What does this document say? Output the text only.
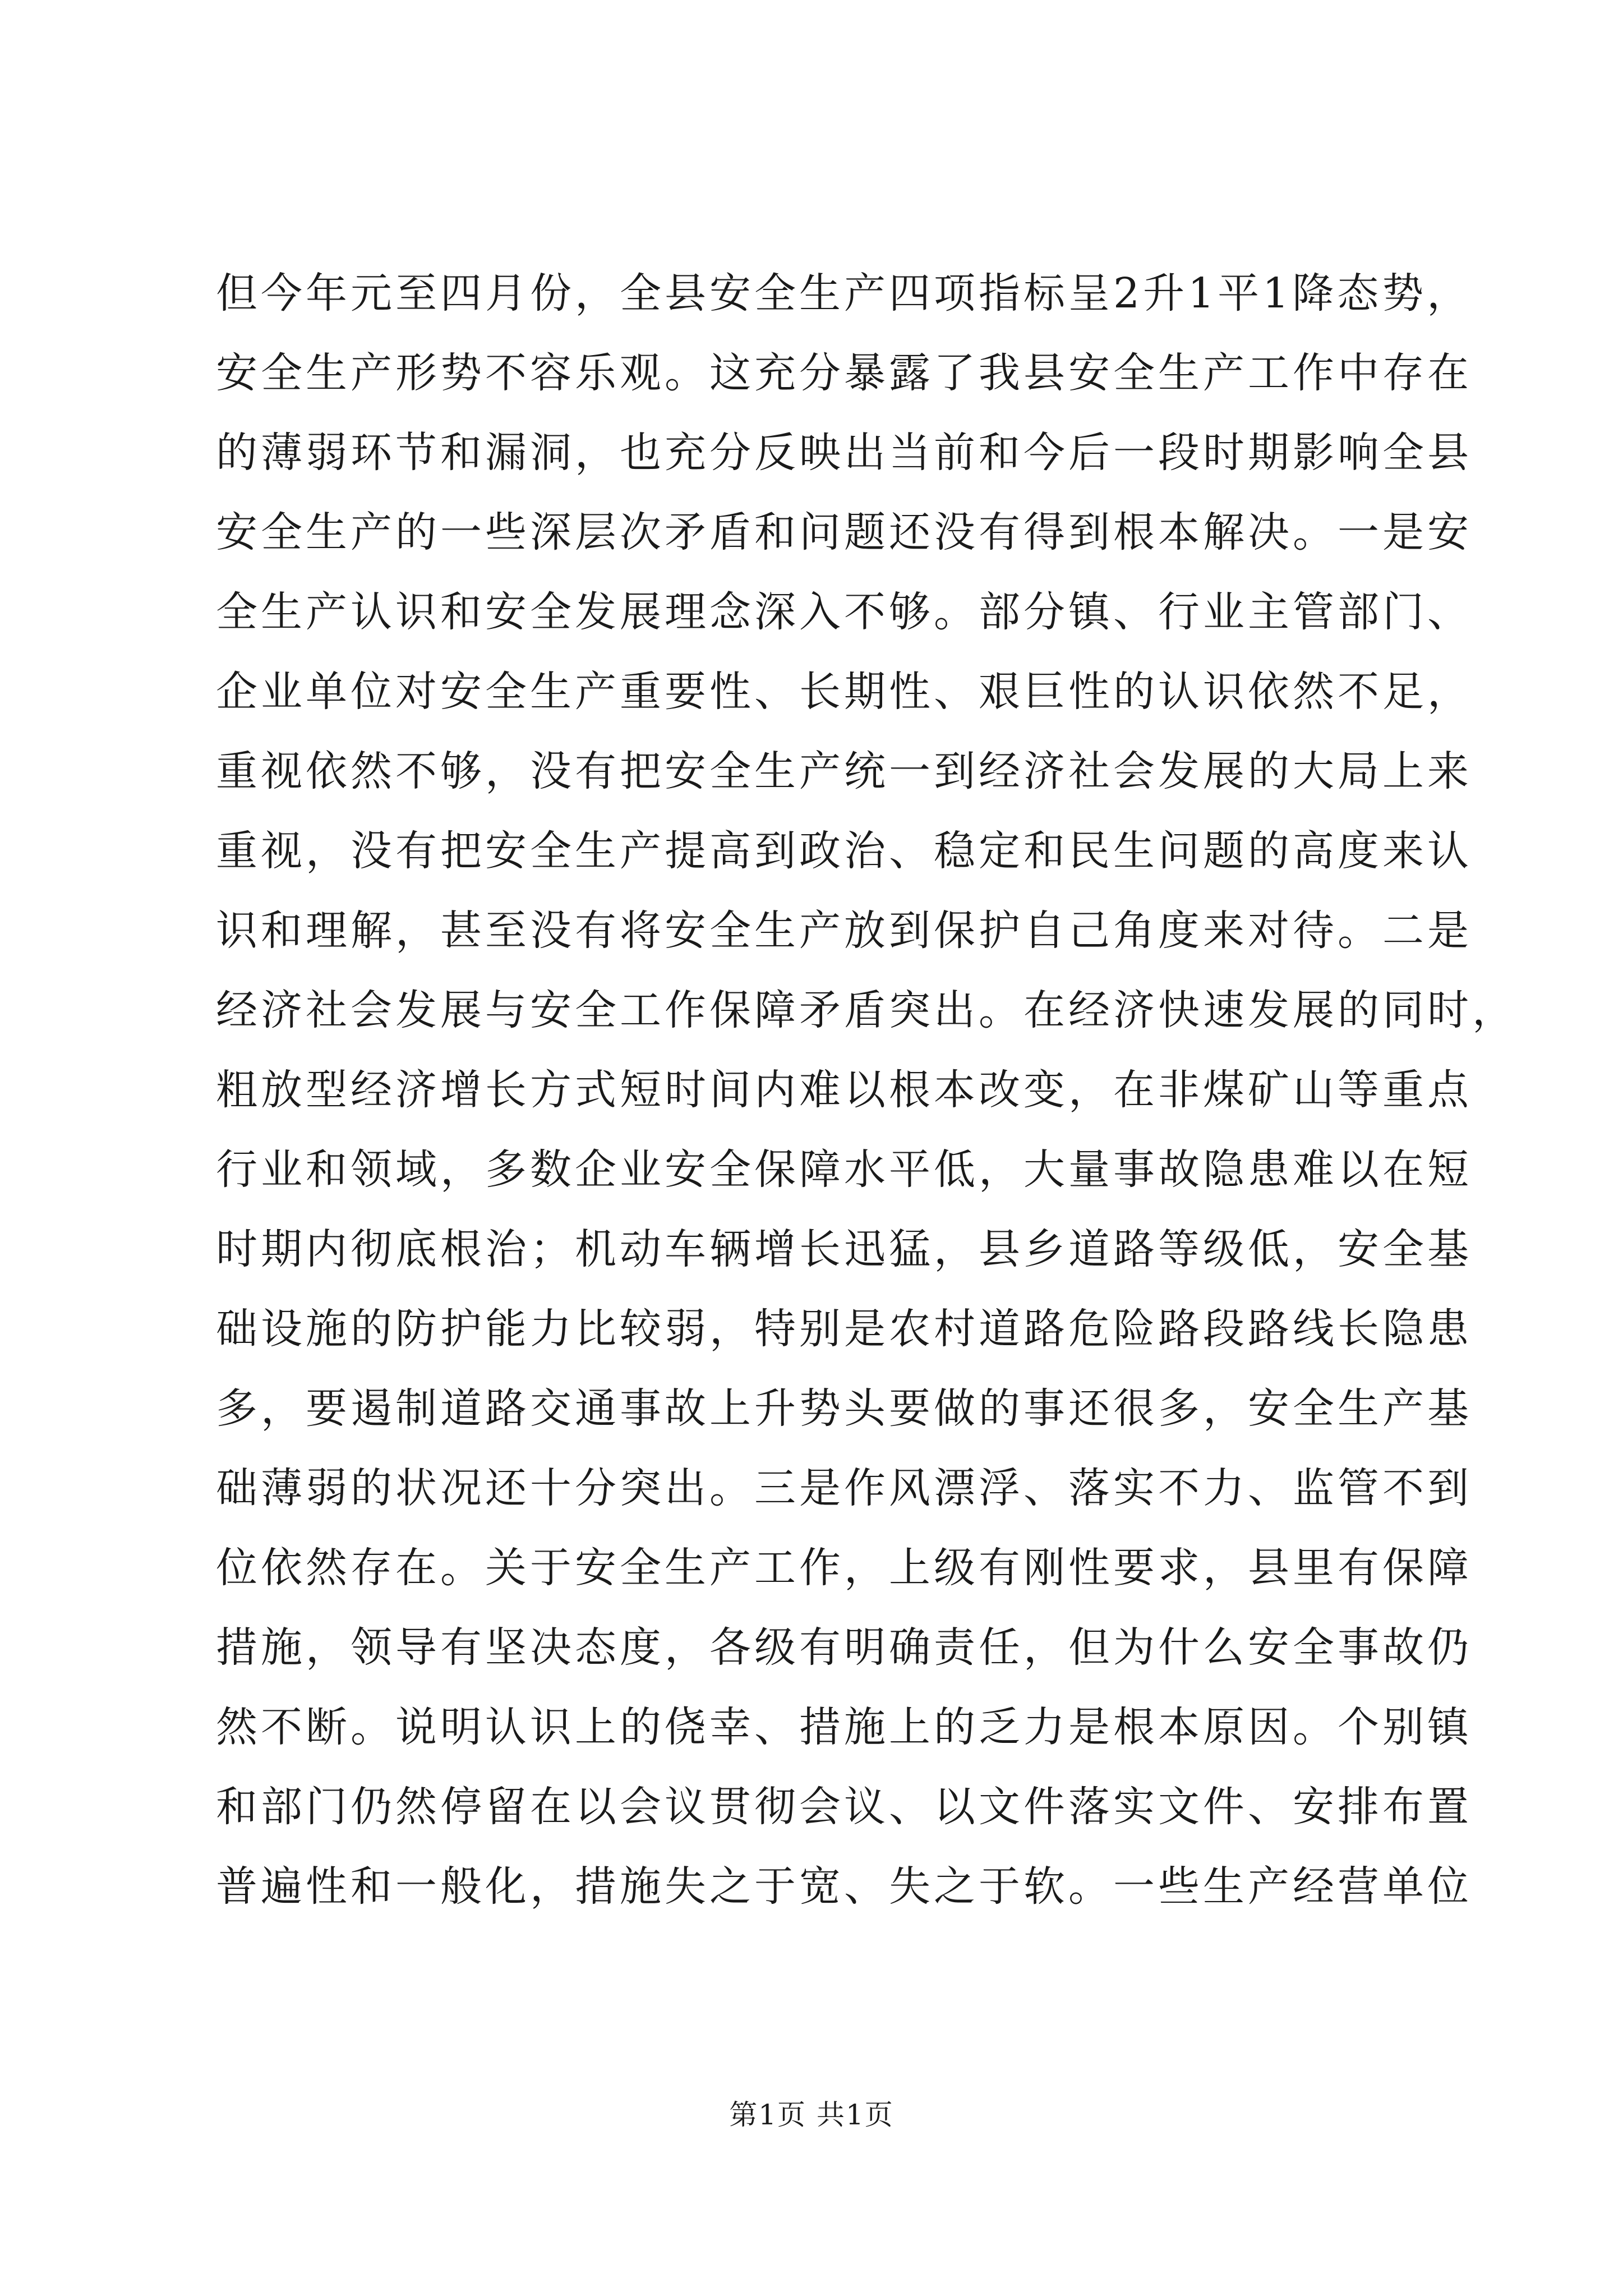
但今年元至四月份，全县安全生产四项指标呈2升1平1降态势，
安全生产形势不容乐观。这充分暴露了我县安全生产工作中存在
的薄弱环节和漏洞，也充分反映出当前和今后一段时期影响全县
安全生产的一些深层次矛盾和问题还没有得到根本解决。一是安
全生产认识和安全发展理念深入不够。部分镇、行业主管部门、
企业单位对安全生产重要性、长期性、艰巨性的认识依然不足，
重视依然不够，没有把安全生产统一到经济社会发展的大局上来
重视，没有把安全生产提高到政治、稳定和民生问题的高度来认
识和理解，甚至没有将安全生产放到保护自己角度来对待。二是
经济社会发展与安全工作保障矛盾突出。在经济快速发展的同时，
粗放型经济增长方式短时间内难以根本改变，在非煤矿山等重点
行业和领域，多数企业安全保障水平低，大量事故隐患难以在短
时期内彻底根治；机动车辆增长迅猛，县乡道路等级低，安全基
础设施的防护能力比较弱，特别是农村道路危险路段路线长隐患
多，要遏制道路交通事故上升势头要做的事还很多，安全生产基
础薄弱的状况还十分突出。三是作风漂浮、落实不力、监管不到
位依然存在。关于安全生产工作，上级有刚性要求，县里有保障
措施，领导有坚决态度，各级有明确责任，但为什么安全事故仍
然不断。说明认识上的侥幸、措施上的乏力是根本原因。个别镇
和部门仍然停留在以会议贯彻会议、以文件落实文件、安排布置
普遍性和一般化，措施失之于宽、失之于软。一些生产经营单位
第1页 共1页
